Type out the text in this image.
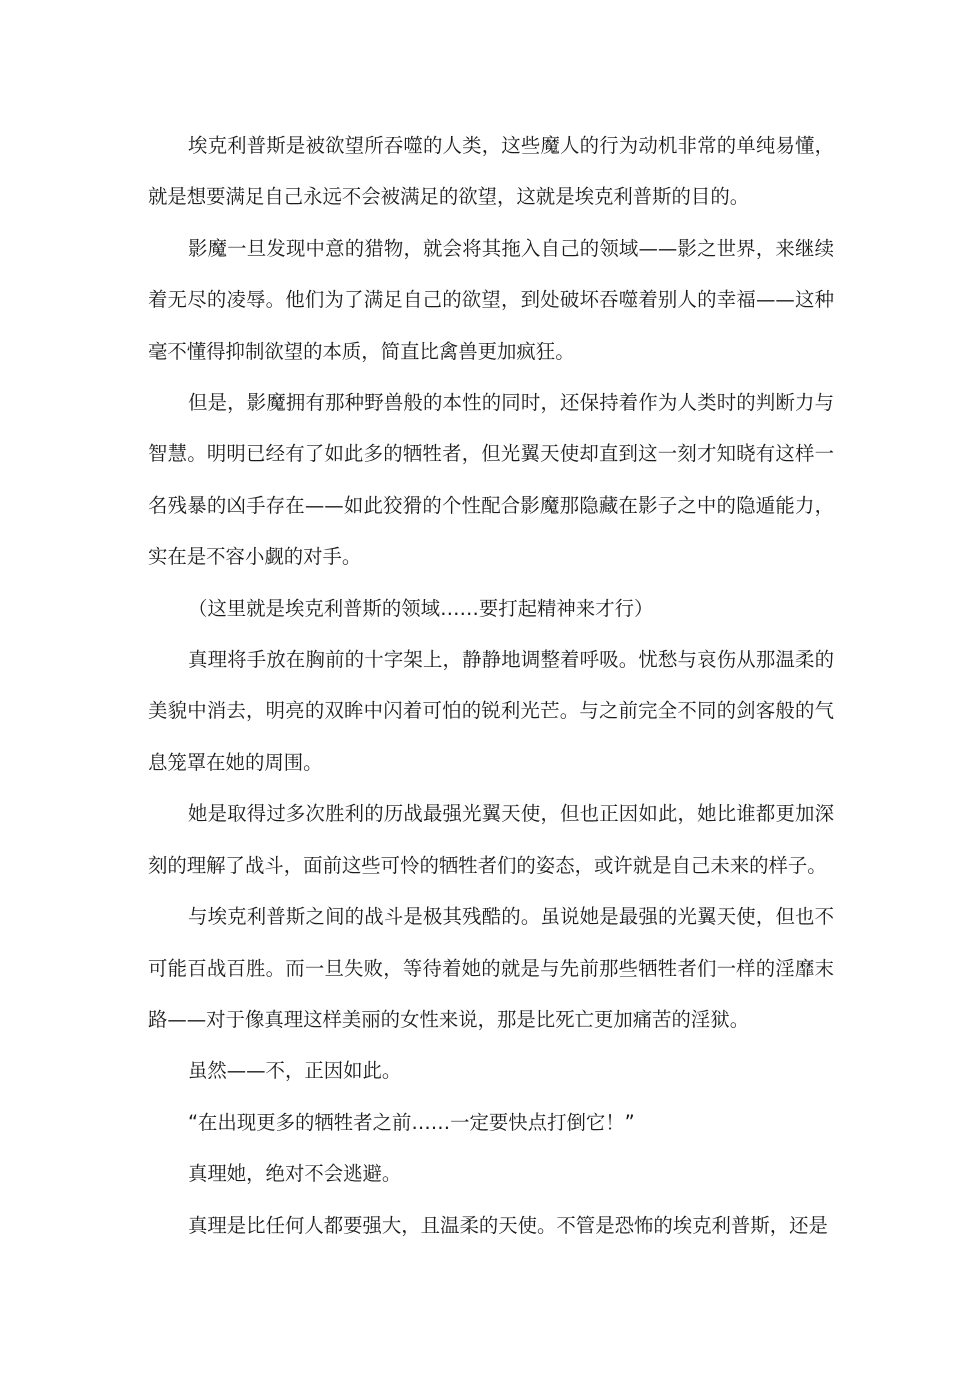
埃克利普斯是被欲望所吞噬的人类，这些魔人的行为动机非常的单纯易懂，就是想要满足自己永远不会被满足的欲望，这就是埃克利普斯的目的。

影魔一旦发现中意的猎物，就会将其拖入自己的领域——影之世界，来继续着无尽的凌辱。他们为了满足自己的欲望，到处破坏吞噬着别人的幸福——这种毫不懂得抑制欲望的本质，简直比禽兽更加疯狂。

但是，影魔拥有那种野兽般的本性的同时，还保持着作为人类时的判断力与智慧。明明已经有了如此多的牺牲者，但光翼天使却直到这一刻才知晓有这样一名残暴的凶手存在——如此狡猾的个性配合影魔那隐藏在影子之中的隐遁能力，实在是不容小觑的对手。

（这里就是埃克利普斯的领域……要打起精神来才行）

真理将手放在胸前的十字架上，静静地调整着呼吸。忧愁与哀伤从那温柔的美貌中消去，明亮的双眸中闪着可怕的锐利光芒。与之前完全不同的剑客般的气息笼罩在她的周围。

她是取得过多次胜利的历战最强光翼天使，但也正因如此，她比谁都更加深刻的理解了战斗，面前这些可怜的牺牲者们的姿态，或许就是自己未来的样子。

与埃克利普斯之间的战斗是极其残酷的。虽说她是最强的光翼天使，但也不可能百战百胜。而一旦失败，等待着她的就是与先前那些牺牲者们一样的淫靡末路——对于像真理这样美丽的女性来说，那是比死亡更加痛苦的淫狱。

虽然——不，正因如此。

“在出现更多的牺牲者之前……一定要快点打倒它！”

真理她，绝对不会逃避。

真理是比任何人都要强大，且温柔的天使。不管是恐怖的埃克利普斯，还是
